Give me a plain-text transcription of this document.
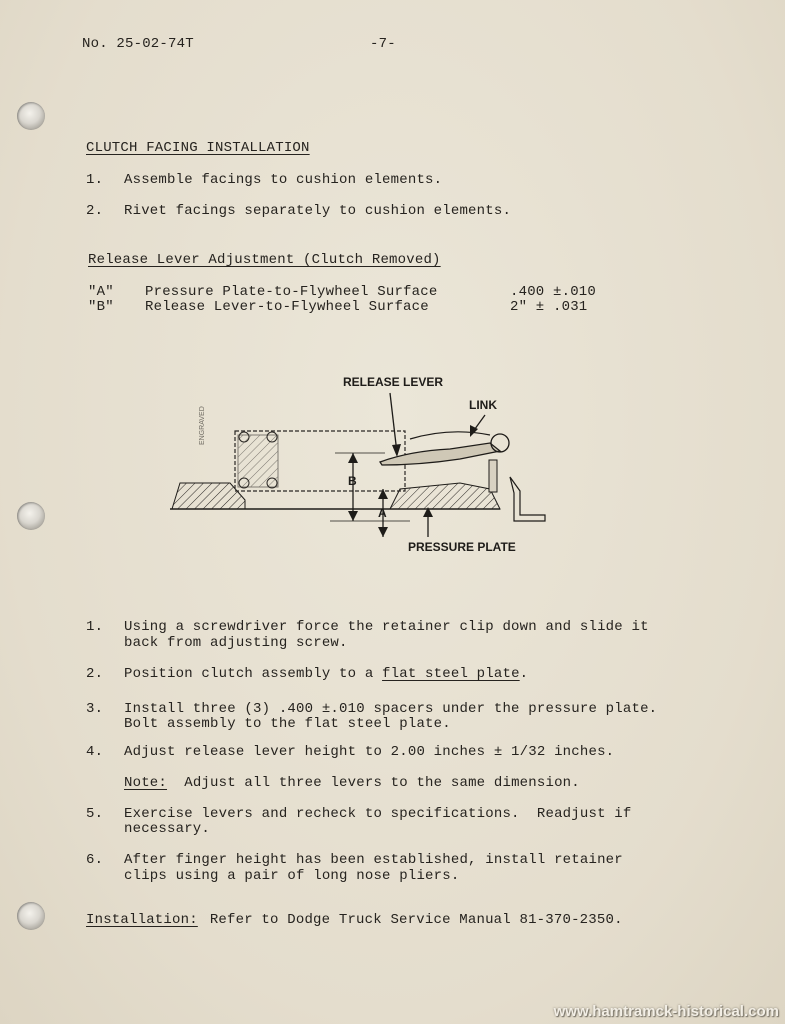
No. 25-02-74T	-7-
CLUTCH FACING INSTALLATION
1. Assemble facings to cushion elements.
2. Rivet facings separately to cushion elements.
Release Lever Adjustment (Clutch Removed)
"A" Pressure Plate-to-Flywheel Surface	.400 ±.010
"B" Release Lever-to-Flywheel Surface	2" ± .031
B
A
RELEASE LEVER
LINK
PRESSURE PLATE
ENGRAVED
1. Using a screwdriver force the retainer clip down and slide it
back from adjusting screw.
2. Position clutch assembly to a flat steel plate.
3. Install three (3) .400 ±.010 spacers under the pressure plate.
Bolt assembly to the flat steel plate.
4. Adjust release lever height to 2.00 inches ± 1/32 inches.
Note:  Adjust all three levers to the same dimension.
5. Exercise levers and recheck to specifications.  Readjust if
necessary.
6. After finger height has been established, install retainer
clips using a pair of long nose pliers.
Installation: Refer to Dodge Truck Service Manual 81-370-2350.
www.hamtramck-historical.com
